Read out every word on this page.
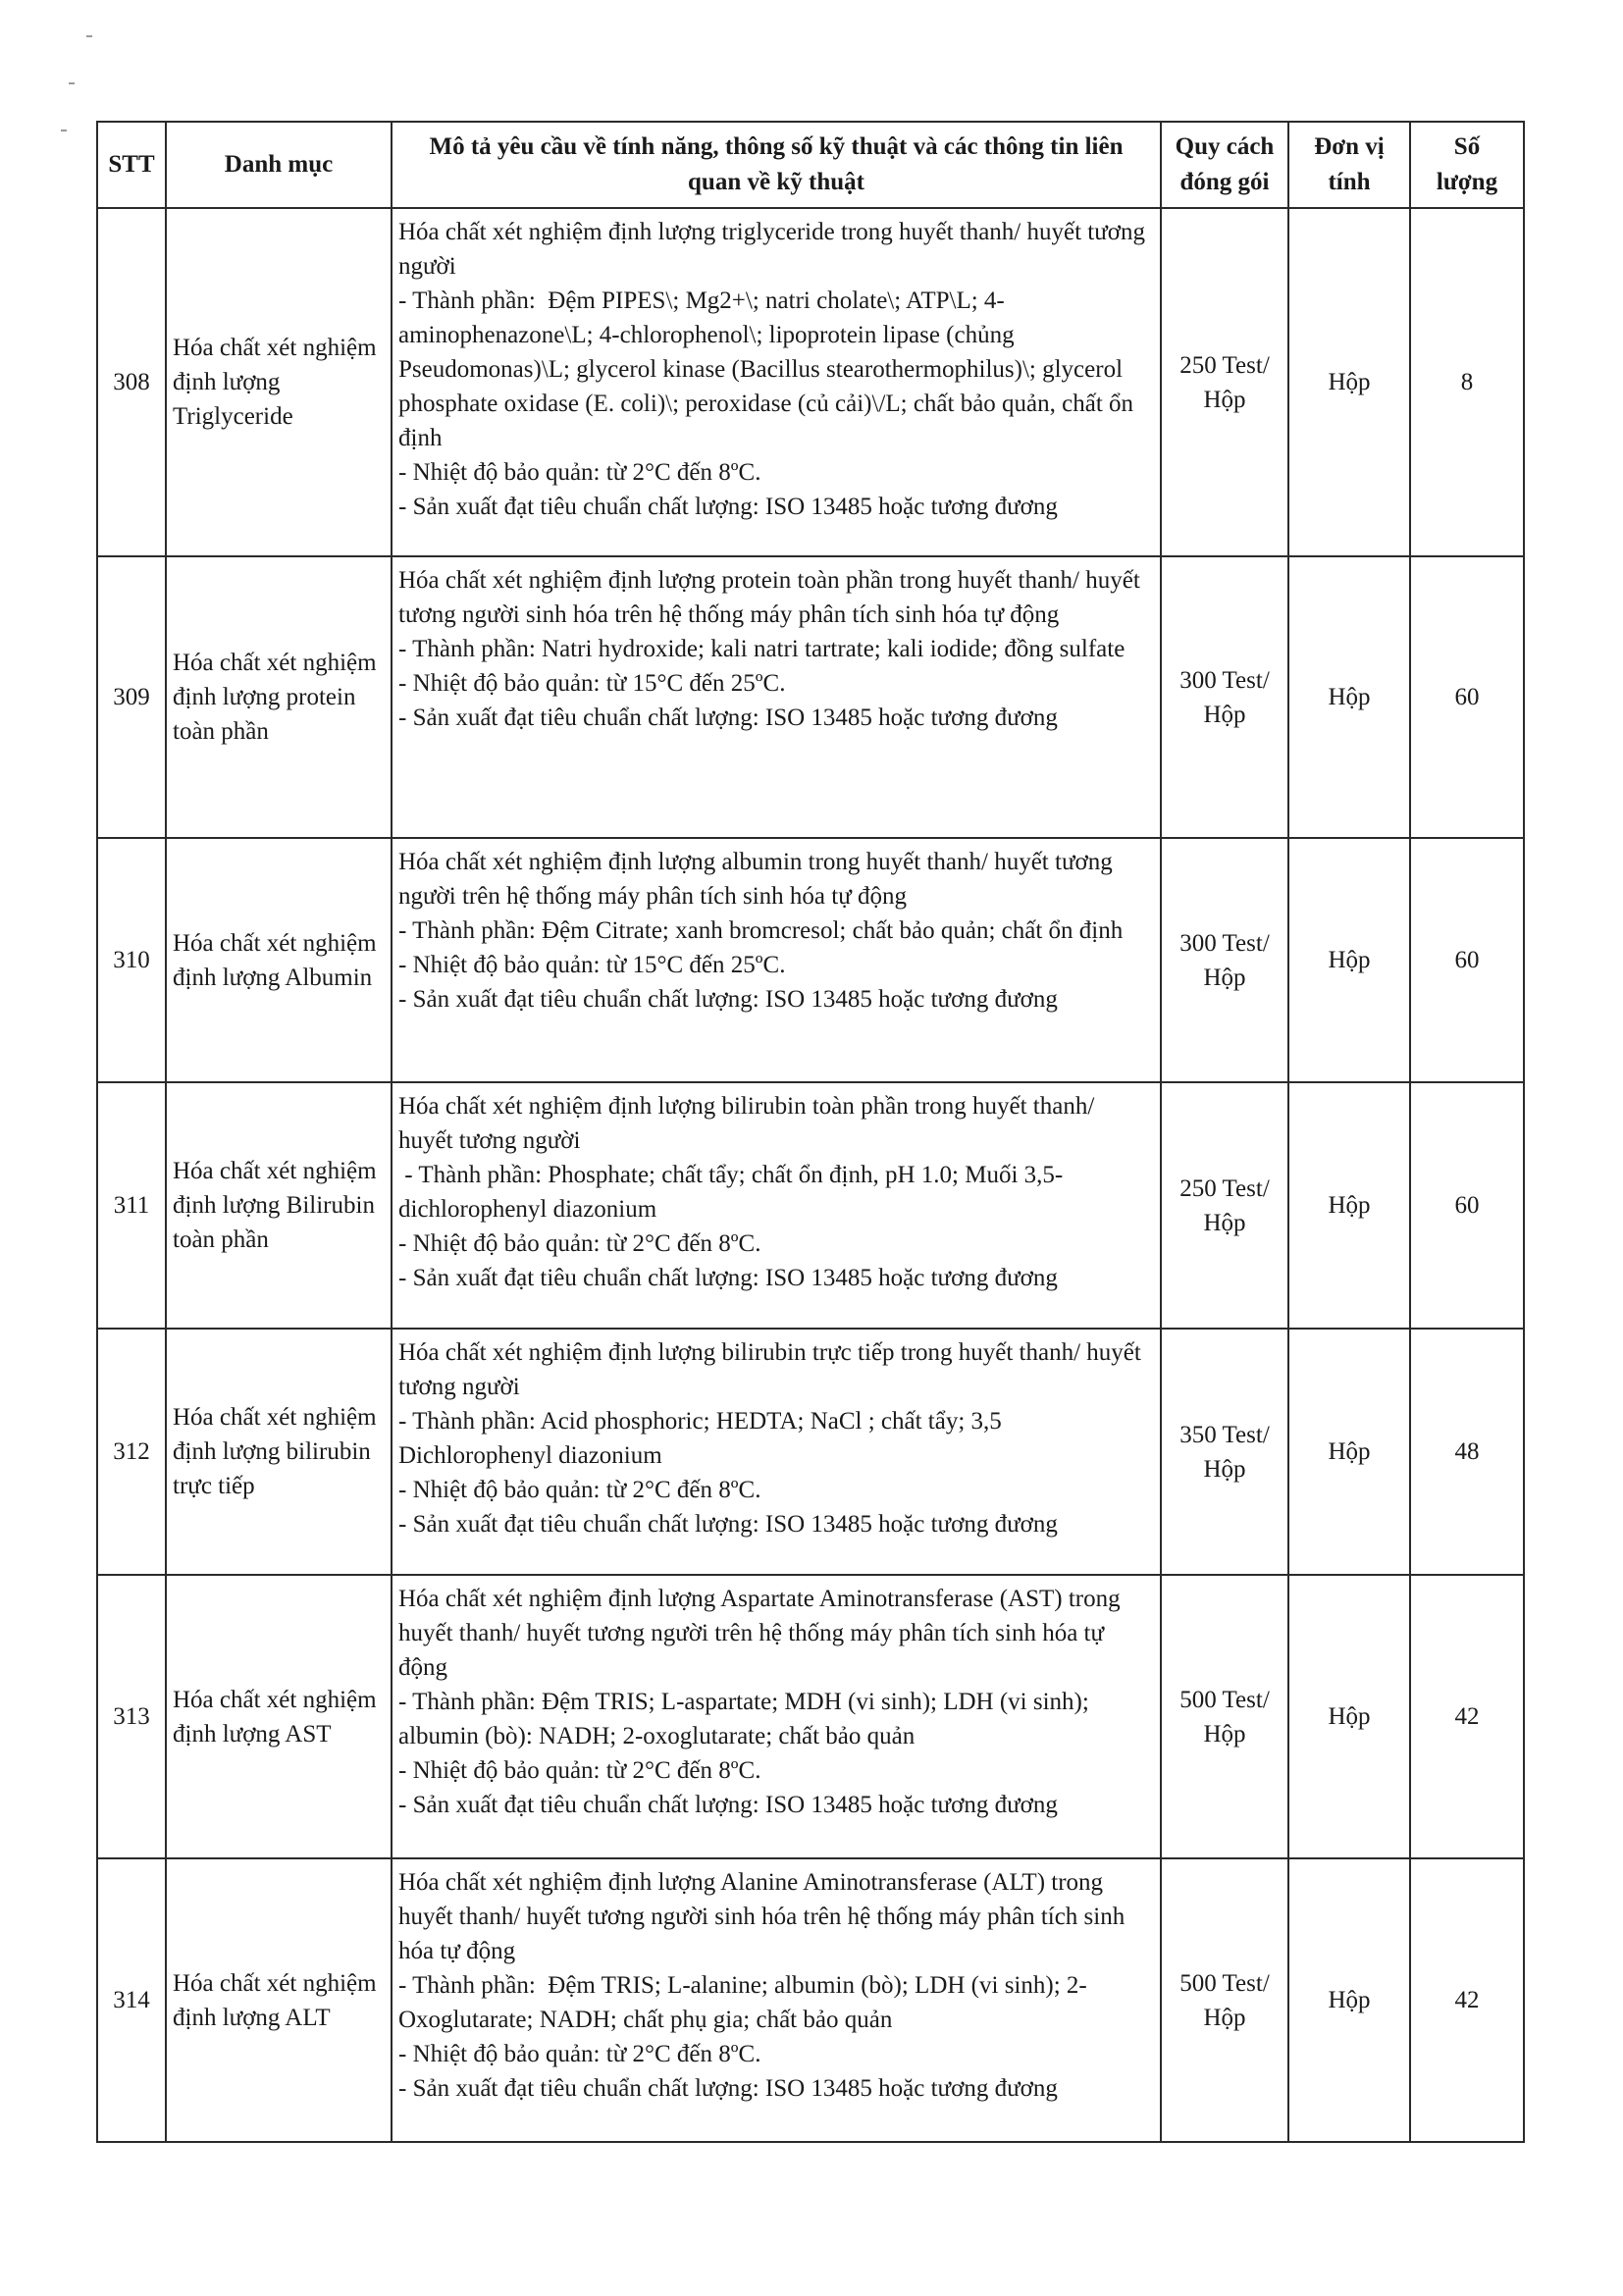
STT	Danh mục	Mô tả yêu cầu về tính năng, thông số kỹ thuật và các thông tin liên quan về kỹ thuật	Quy cách đóng gói	Đơn vị tính	Số lượng
308	Hóa chất xét nghiệm định lượng Triglyceride	Hóa chất xét nghiệm định lượng triglyceride trong huyết thanh/ huyết tương người
- Thành phần:  Đệm PIPES\; Mg2+\; natri cholate\; ATP\L; 4-aminophenazone\L; 4-chlorophenol\; lipoprotein lipase (chủng Pseudomonas)\L; glycerol kinase (Bacillus stearothermophilus)\; glycerol phosphate oxidase (E. coli)\; peroxidase (củ cải)\/L; chất bảo quản, chất ổn định
- Nhiệt độ bảo quản: từ 2°C đến 8ºC.
- Sản xuất đạt tiêu chuẩn chất lượng: ISO 13485 hoặc tương đương	250 Test/
Hộp	Hộp	8
309	Hóa chất xét nghiệm định lượng protein toàn phần	Hóa chất xét nghiệm định lượng protein toàn phần trong huyết thanh/ huyết tương người sinh hóa trên hệ thống máy phân tích sinh hóa tự động
- Thành phần: Natri hydroxide; kali natri tartrate; kali iodide; đồng sulfate
- Nhiệt độ bảo quản: từ 15°C đến 25ºC.
- Sản xuất đạt tiêu chuẩn chất lượng: ISO 13485 hoặc tương đương	300 Test/
Hộp	Hộp	60
310	Hóa chất xét nghiệm định lượng Albumin	Hóa chất xét nghiệm định lượng albumin trong huyết thanh/ huyết tương người trên hệ thống máy phân tích sinh hóa tự động
- Thành phần: Đệm Citrate; xanh bromcresol; chất bảo quản; chất ổn định
- Nhiệt độ bảo quản: từ 15°C đến 25ºC.
- Sản xuất đạt tiêu chuẩn chất lượng: ISO 13485 hoặc tương đương	300 Test/
Hộp	Hộp	60
311	Hóa chất xét nghiệm định lượng Bilirubin toàn phần	Hóa chất xét nghiệm định lượng bilirubin toàn phần trong huyết thanh/ huyết tương người
- Thành phần: Phosphate; chất tẩy; chất ổn định, pH 1.0; Muối 3,5-dichlorophenyl diazonium
- Nhiệt độ bảo quản: từ 2°C đến 8ºC.
- Sản xuất đạt tiêu chuẩn chất lượng: ISO 13485 hoặc tương đương	250 Test/
Hộp	Hộp	60
312	Hóa chất xét nghiệm định lượng bilirubin trực tiếp	Hóa chất xét nghiệm định lượng bilirubin trực tiếp trong huyết thanh/ huyết tương người
- Thành phần: Acid phosphoric; HEDTA; NaCl ; chất tẩy; 3,5 Dichlorophenyl diazonium
- Nhiệt độ bảo quản: từ 2°C đến 8ºC.
- Sản xuất đạt tiêu chuẩn chất lượng: ISO 13485 hoặc tương đương	350 Test/
Hộp	Hộp	48
313	Hóa chất xét nghiệm định lượng AST	Hóa chất xét nghiệm định lượng Aspartate Aminotransferase (AST) trong huyết thanh/ huyết tương người trên hệ thống máy phân tích sinh hóa tự động
- Thành phần: Đệm TRIS; L-aspartate; MDH (vi sinh); LDH (vi sinh); albumin (bò): NADH; 2-oxoglutarate; chất bảo quản
- Nhiệt độ bảo quản: từ 2°C đến 8ºC.
- Sản xuất đạt tiêu chuẩn chất lượng: ISO 13485 hoặc tương đương	500 Test/
Hộp	Hộp	42
314	Hóa chất xét nghiệm định lượng ALT	Hóa chất xét nghiệm định lượng Alanine Aminotransferase (ALT) trong huyết thanh/ huyết tương người sinh hóa trên hệ thống máy phân tích sinh hóa tự động
- Thành phần:  Đệm TRIS; L-alanine; albumin (bò); LDH (vi sinh); 2-Oxoglutarate; NADH; chất phụ gia; chất bảo quản
- Nhiệt độ bảo quản: từ 2°C đến 8ºC.
- Sản xuất đạt tiêu chuẩn chất lượng: ISO 13485 hoặc tương đương	500 Test/
Hộp	Hộp	42
